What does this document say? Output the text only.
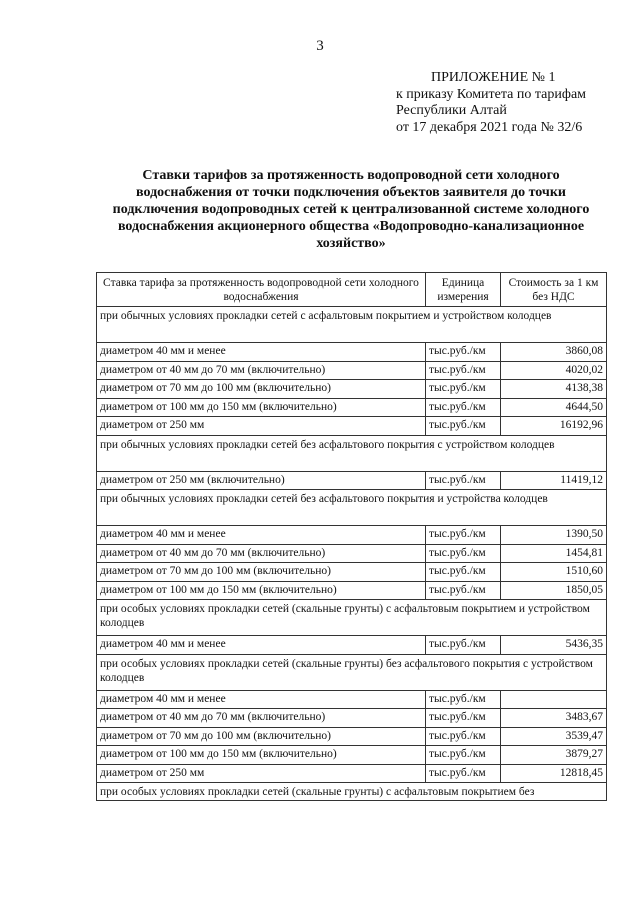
3
ПРИЛОЖЕНИЕ № 1
к приказу Комитета по тарифам
Республики Алтай
от 17 декабря 2021 года № 32/6
Ставки тарифов за протяженность водопроводной сети холодного водоснабжения от точки подключения объектов заявителя до точки подключения водопроводных сетей к централизованной системе холодного водоснабжения акционерного общества «Водопроводно-канализационное хозяйство»
Ставка тарифа за протяженность водопроводной сети холодного водоснабжения	Единица измерения	Стоимость за 1 км без НДС
при обычных условиях прокладки сетей с асфальтовым покрытием и устройством колодцев		
диаметром 40 мм и менее	тыс.руб./км	3860,08
диаметром от 40 мм до 70 мм (включительно)	тыс.руб./км	4020,02
диаметром от 70 мм до 100 мм (включительно)	тыс.руб./км	4138,38
диаметром от 100 мм до 150 мм (включительно)	тыс.руб./км	4644,50
диаметром от 250 мм	тыс.руб./км	16192,96
при обычных условиях прокладки сетей без асфальтового покрытия с устройством колодцев		
диаметром от 250 мм (включительно)	тыс.руб./км	11419,12
при обычных условиях прокладки сетей без асфальтового покрытия и устройства колодцев		
диаметром 40 мм и менее	тыс.руб./км	1390,50
диаметром от 40 мм до 70 мм (включительно)	тыс.руб./км	1454,81
диаметром от 70 мм до 100 мм (включительно)	тыс.руб./км	1510,60
диаметром от 100 мм до 150 мм (включительно)	тыс.руб./км	1850,05
при особых условиях прокладки сетей (скальные грунты) с асфальтовым покрытием и устройством колодцев		
диаметром 40 мм и менее	тыс.руб./км	5436,35
при особых условиях прокладки сетей (скальные грунты) без асфальтового покрытия с устройством колодцев		
диаметром 40 мм и менее	тыс.руб./км	
диаметром от 40 мм до 70 мм (включительно)	тыс.руб./км	3483,67
диаметром от 70 мм до 100 мм (включительно)	тыс.руб./км	3539,47
диаметром от 100 мм до 150 мм (включительно)	тыс.руб./км	3879,27
диаметром от 250 мм	тыс.руб./км	12818,45
при особых условиях прокладки сетей (скальные грунты) с асфальтовым покрытием без		
